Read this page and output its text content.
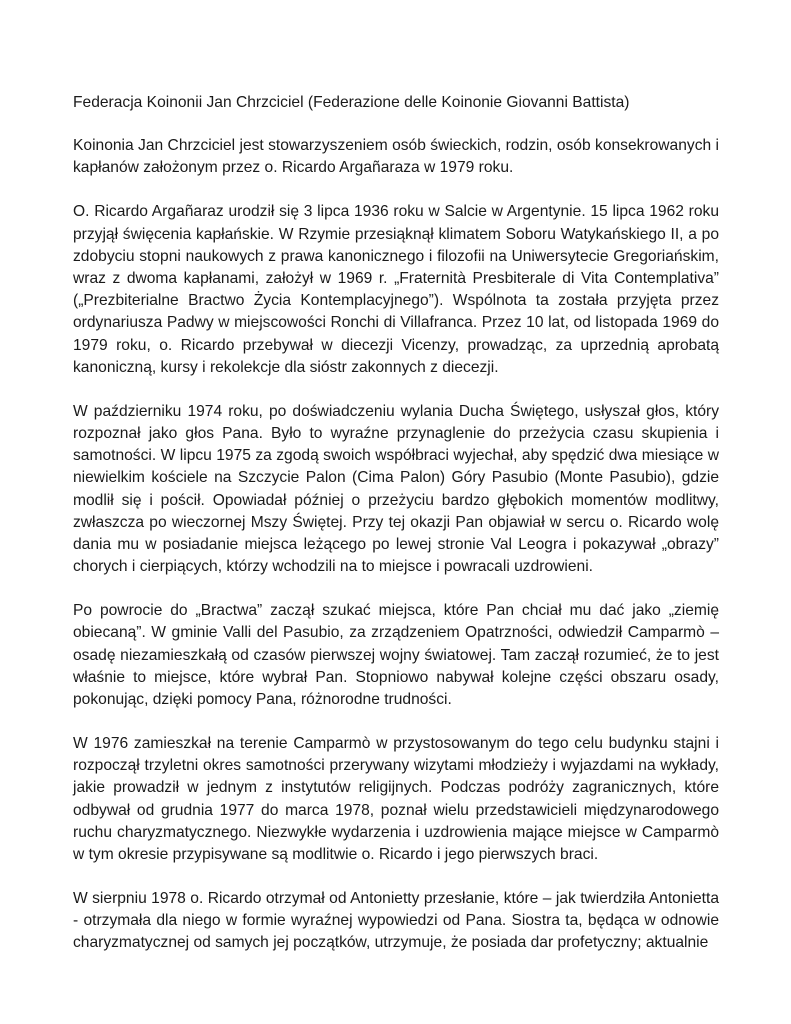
Federacja Koinonii Jan Chrzciciel (Federazione delle Koinonie Giovanni Battista)
Koinonia Jan Chrzciciel jest stowarzyszeniem osób świeckich, rodzin, osób konsekrowanych i kapłanów założonym przez o. Ricardo Argañaraza w 1979 roku.
O. Ricardo Argañaraz urodził się 3 lipca 1936 roku w Salcie w Argentynie. 15 lipca 1962 roku przyjął święcenia kapłańskie. W Rzymie przesiąknął klimatem Soboru Watykańskiego II, a po zdobyciu stopni naukowych z prawa kanonicznego i filozofii na Uniwersytecie Gregoriańskim, wraz z dwoma kapłanami, założył w 1969 r. „Fraternità Presbiterale di Vita Contemplativa” („Prezbiterialne Bractwo Życia Kontemplacyjnego”). Wspólnota ta została przyjęta przez ordynariusza Padwy w miejscowości Ronchi di Villafranca. Przez 10 lat, od listopada 1969 do 1979 roku, o. Ricardo przebywał w diecezji Vicenzy, prowadząc, za uprzednią aprobatą kanoniczną, kursy i rekolekcje dla sióstr zakonnych z diecezji.
W październiku 1974 roku, po doświadczeniu wylania Ducha Świętego, usłyszał głos, który rozpoznał jako głos Pana. Było to wyraźne przynaglenie do przeżycia czasu skupienia i samotności. W lipcu 1975 za zgodą swoich współbraci wyjechał, aby spędzić dwa miesiące w niewielkim kościele na Szczycie Palon (Cima Palon) Góry Pasubio (Monte Pasubio), gdzie modlił się i pościł. Opowiadał później o przeżyciu bardzo głębokich momentów modlitwy, zwłaszcza po wieczornej Mszy Świętej. Przy tej okazji Pan objawiał w sercu o. Ricardo wolę dania mu w posiadanie miejsca leżącego po lewej stronie Val Leogra i pokazywał „obrazy” chorych i cierpiących, którzy wchodzili na to miejsce i powracali uzdrowieni.
Po powrocie do „Bractwa” zaczął szukać miejsca, które Pan chciał mu dać jako „ziemię obiecaną”. W gminie Valli del Pasubio, za zrządzeniem Opatrzności, odwiedził Camparmò – osadę niezamieszkałą od czasów pierwszej wojny światowej. Tam zaczął rozumieć, że to jest właśnie to miejsce, które wybrał Pan. Stopniowo nabywał kolejne części obszaru osady, pokonując, dzięki pomocy Pana, różnorodne trudności.
W 1976 zamieszkał na terenie Camparmò w przystosowanym do tego celu budynku stajni i rozpoczął trzyletni okres samotności przerywany wizytami młodzieży i wyjazdami na wykłady, jakie prowadził w jednym z instytutów religijnych. Podczas podróży zagranicznych, które odbywał od grudnia 1977 do marca 1978, poznał wielu przedstawicieli międzynarodowego ruchu charyzmatycznego. Niezwykłe wydarzenia i uzdrowienia mające miejsce w Camparmò w tym okresie przypisywane są modlitwie o. Ricardo i jego pierwszych braci.
W sierpniu 1978 o. Ricardo otrzymał od Antonietty przesłanie, które – jak twierdziła Antonietta - otrzymała dla niego w formie wyraźnej wypowiedzi od Pana. Siostra ta, będąca w odnowie charyzmatycznej od samych jej początków, utrzymuje, że posiada dar profetyczny; aktualnie
